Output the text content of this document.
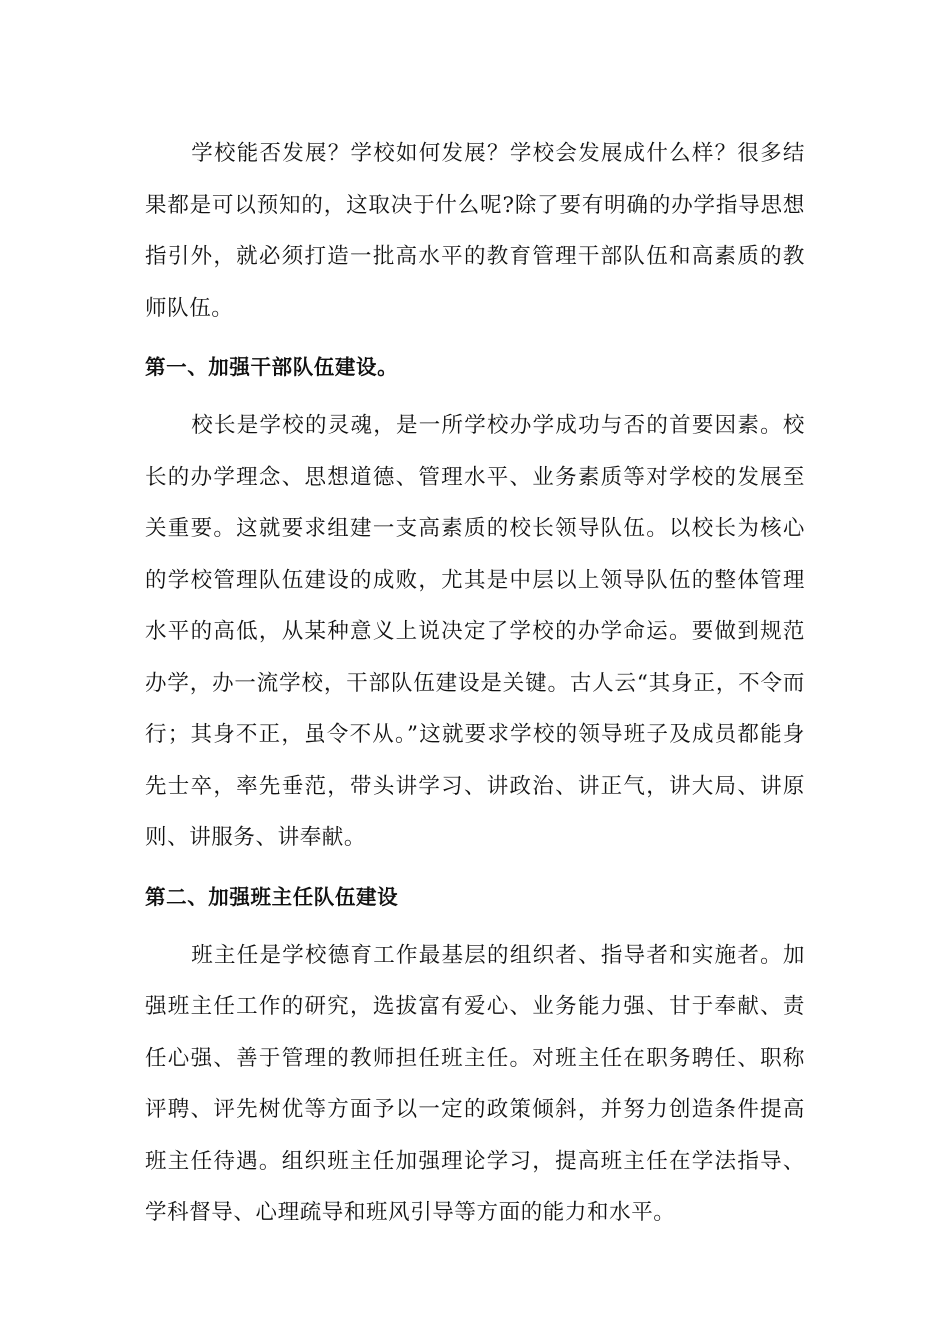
学校能否发展？学校如何发展？学校会发展成什么样？很多结果都是可以预知的，这取决于什么呢?除了要有明确的办学指导思想指引外，就必须打造一批高水平的教育管理干部队伍和高素质的教师队伍。

第一、加强干部队伍建设。

校长是学校的灵魂，是一所学校办学成功与否的首要因素。校长的办学理念、思想道德、管理水平、业务素质等对学校的发展至关重要。这就要求组建一支高素质的校长领导队伍。以校长为核心的学校管理队伍建设的成败，尤其是中层以上领导队伍的整体管理水平的高低，从某种意义上说决定了学校的办学命运。要做到规范办学，办一流学校，干部队伍建设是关键。古人云“其身正，不令而行；其身不正，虽令不从。”这就要求学校的领导班子及成员都能身先士卒，率先垂范，带头讲学习、讲政治、讲正气，讲大局、讲原则、讲服务、讲奉献。

第二、加强班主任队伍建设

班主任是学校德育工作最基层的组织者、指导者和实施者。加强班主任工作的研究，选拔富有爱心、业务能力强、甘于奉献、责任心强、善于管理的教师担任班主任。对班主任在职务聘任、职称评聘、评先树优等方面予以一定的政策倾斜，并努力创造条件提高班主任待遇。组织班主任加强理论学习，提高班主任在学法指导、学科督导、心理疏导和班风引导等方面的能力和水平。
